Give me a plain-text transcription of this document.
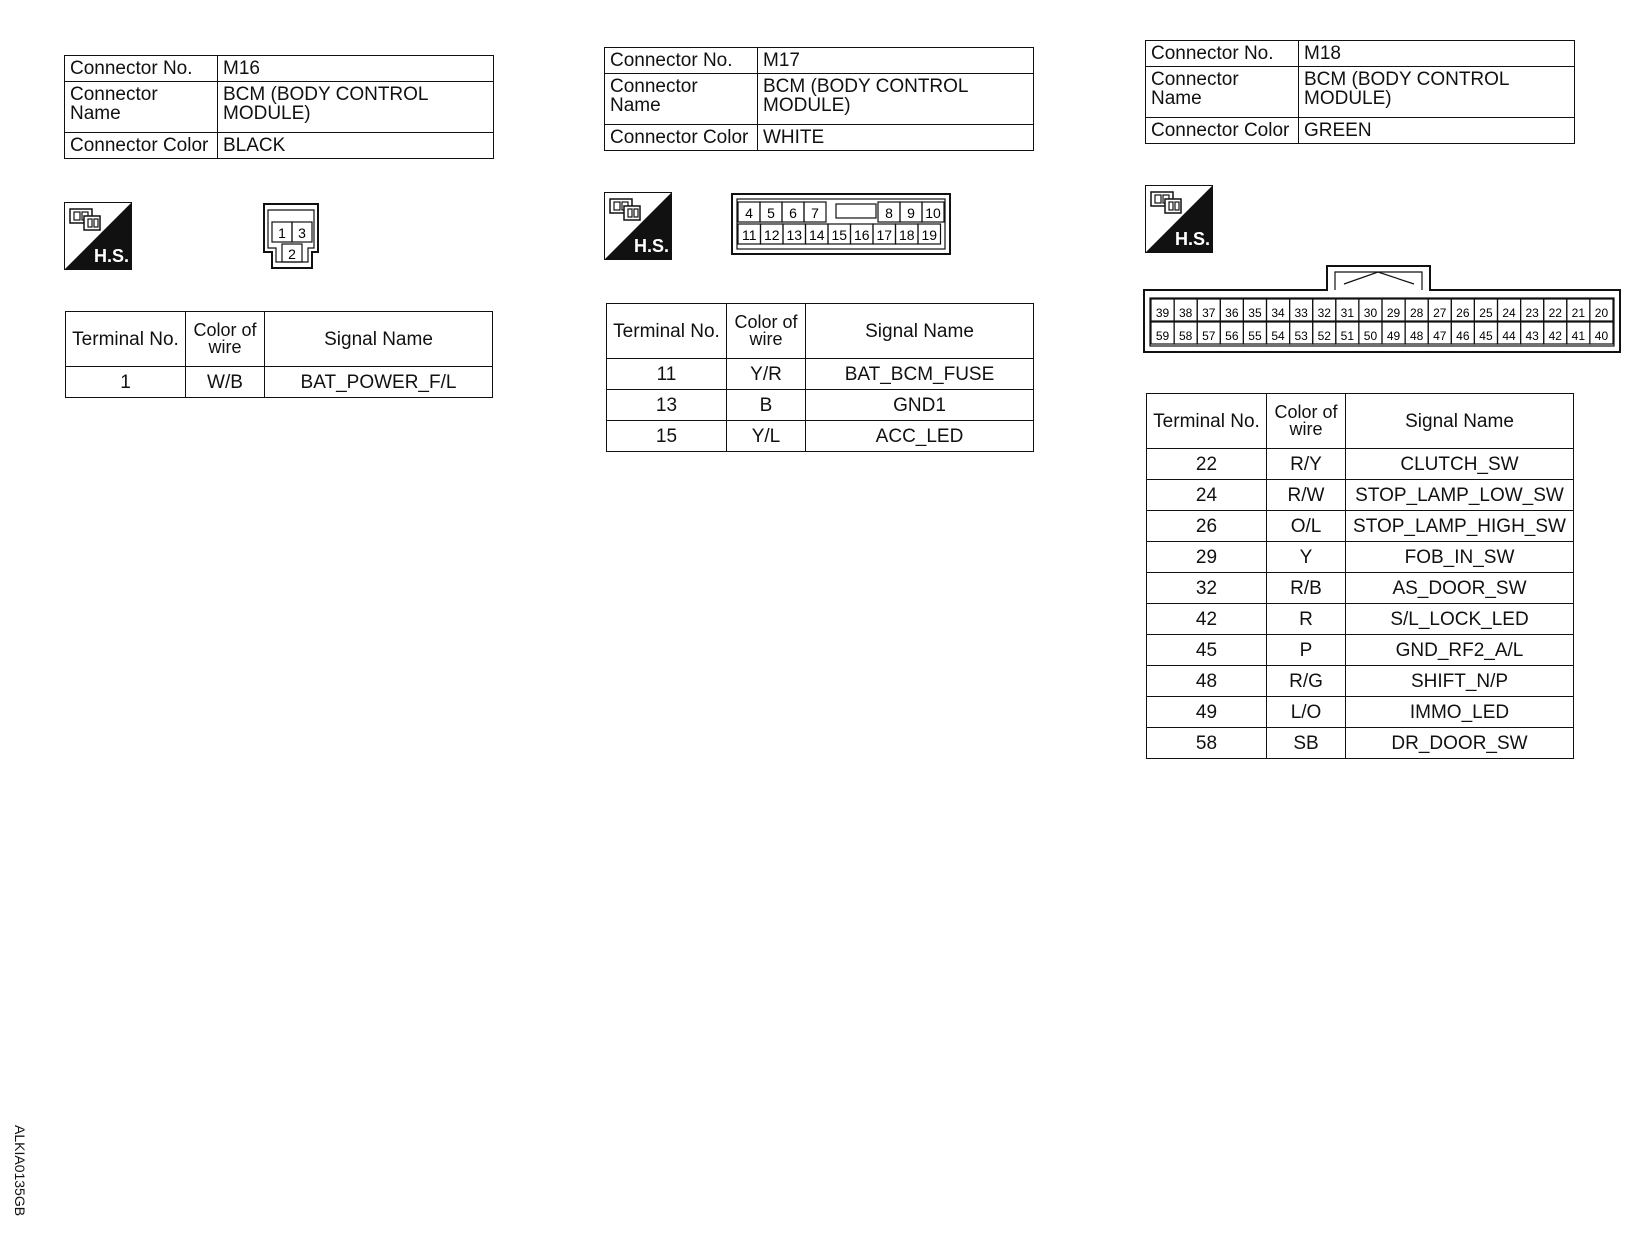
Connector No.	M16
Connector Name	BCM (BODY CONTROL MODULE)
Connector Color	BLACK
H.S.
1 3
2
Terminal No.	Color of wire	Signal Name
1	W/B	BAT_POWER_F/L
Connector No.	M17
Connector Name	BCM (BODY CONTROL MODULE)
Connector Color	WHITE
H.S.
4 5 6 7	8 9 10
11 12 13 14 15 16 17 18 19
Terminal No.	Color of wire	Signal Name
11	Y/R	BAT_BCM_FUSE
13	B	GND1
15	Y/L	ACC_LED
Connector No.	M18
Connector Name	BCM (BODY CONTROL MODULE)
Connector Color	GREEN
H.S.
39 38 37 36 35 34 33 32 31 30 29 28 27 26 25 24 23 22 21 20
59 58 57 56 55 54 53 52 51 50 49 48 47 46 45 44 43 42 41 40
Terminal No.	Color of wire	Signal Name
22	R/Y	CLUTCH_SW
24	R/W	STOP_LAMP_LOW_SW
26	O/L	STOP_LAMP_HIGH_SW
29	Y	FOB_IN_SW
32	R/B	AS_DOOR_SW
42	R	S/L_LOCK_LED
45	P	GND_RF2_A/L
48	R/G	SHIFT_N/P
49	L/O	IMMO_LED
58	SB	DR_DOOR_SW
ALKIA0135GB
